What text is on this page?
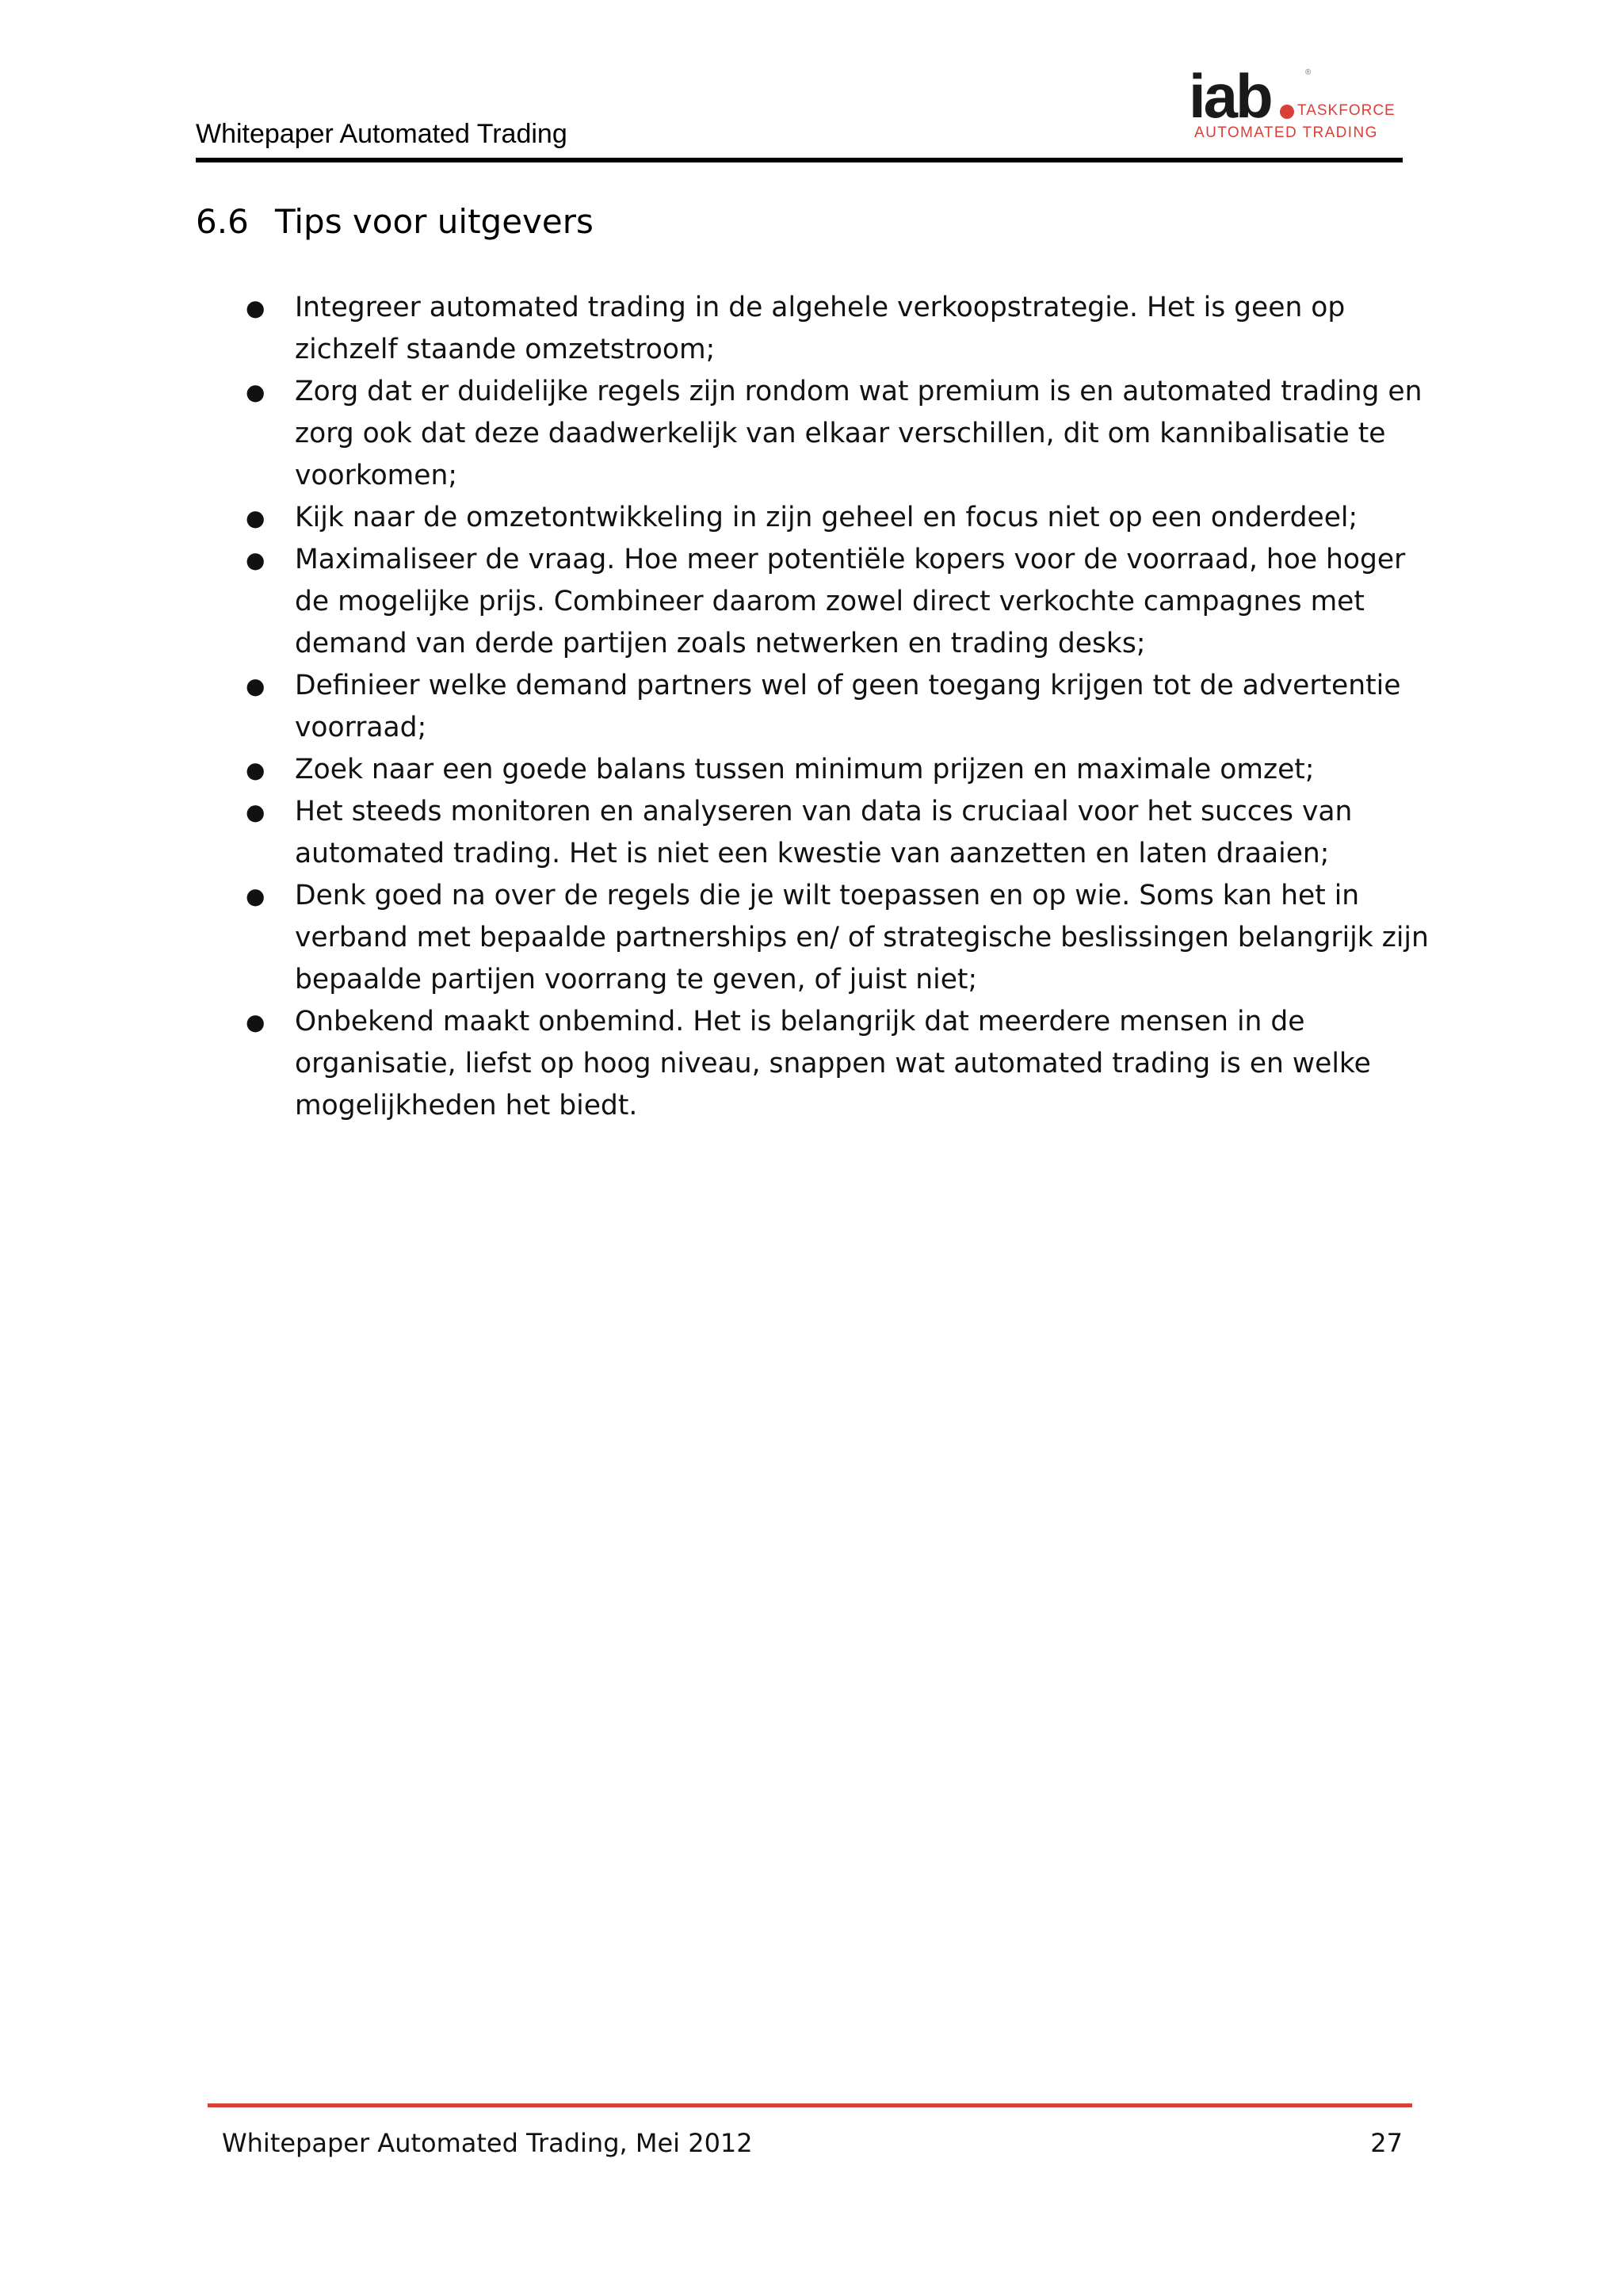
Whitepaper Automated Trading
iab	®
TASKFORCE
AUTOMATED TRADING
6.6 Tips voor uitgevers
● Integreer automated trading in de algehele verkoopstrategie. Het is geen op zichzelf staande omzetstroom;
● Zorg dat er duidelijke regels zijn rondom wat premium is en automated trading en zorg ook dat deze daadwerkelijk van elkaar verschillen, dit om kannibalisatie te voorkomen;
● Kijk naar de omzetontwikkeling in zijn geheel en focus niet op een onderdeel;
● Maximaliseer de vraag. Hoe meer potentiële kopers voor de voorraad, hoe hoger de mogelijke prijs. Combineer daarom zowel direct verkochte campagnes met demand van derde partijen zoals netwerken en trading desks;
● Definieer welke demand partners wel of geen toegang krijgen tot de advertentie voorraad;
● Zoek naar een goede balans tussen minimum prijzen en maximale omzet;
● Het steeds monitoren en analyseren van data is cruciaal voor het succes van automated trading. Het is niet een kwestie van aanzetten en laten draaien;
● Denk goed na over de regels die je wilt toepassen en op wie. Soms kan het in verband met bepaalde partnerships en/ of strategische beslissingen belangrijk zijn bepaalde partijen voorrang te geven, of juist niet;
● Onbekend maakt onbemind. Het is belangrijk dat meerdere mensen in de organisatie, liefst op hoog niveau, snappen wat automated trading is en welke mogelijkheden het biedt.
Whitepaper Automated Trading, Mei 2012	27
